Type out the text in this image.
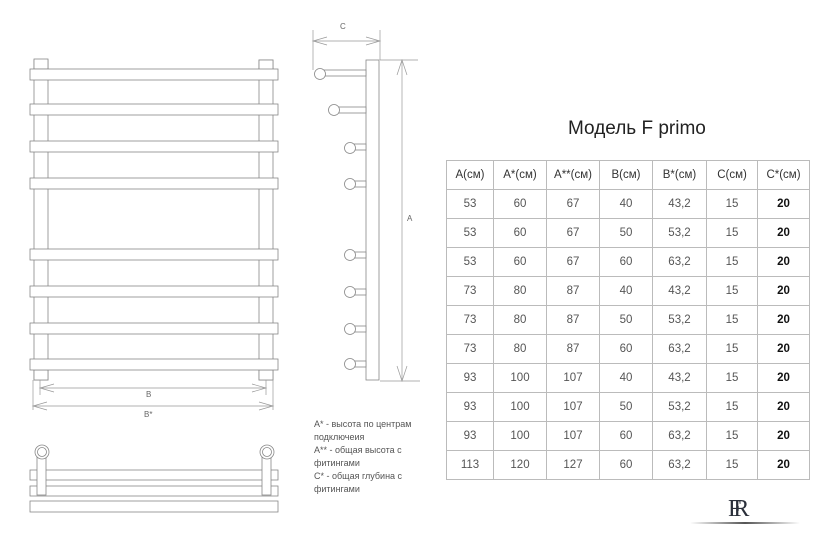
B
B*
C
A
Модель F primo
A(см)	A*(см)	A**(см)	B(см)	B*(см)	C(см)	C*(см)
53	60	67	40	43,2	15	20
53	60	67	50	53,2	15	20
53	60	67	60	63,2	15	20
73	80	87	40	43,2	15	20
73	80	87	50	53,2	15	20
73	80	87	60	63,2	15	20
93	100	107	40	43,2	15	20
93	100	107	50	53,2	15	20
93	100	107	60	63,2	15	20
113	120	127	60	63,2	15	20
A* - высота по центрам подключеия
A** - общая высота с фитингами
C* - общая глубина с фитингами
FR
